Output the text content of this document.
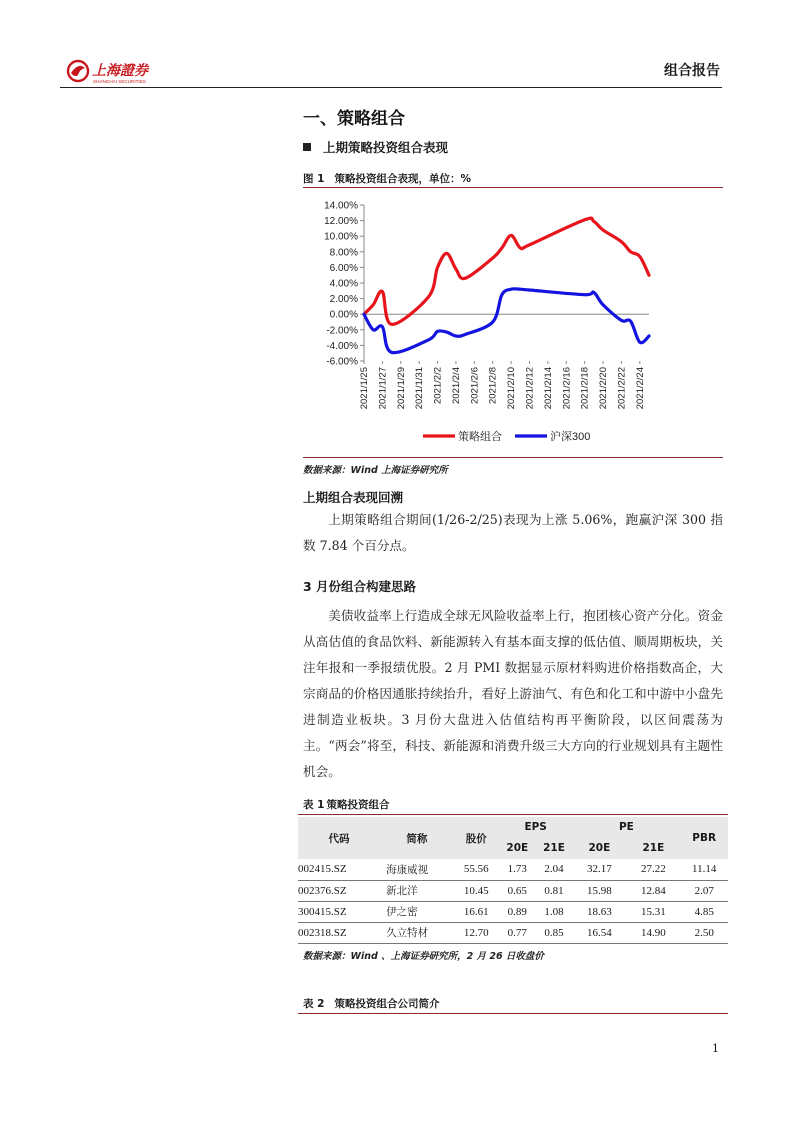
上海證券
SHANGHAI SECURITIES
组合报告
一、策略组合
上期策略投资组合表现
图 1 策略投资组合表现，单位：%
14.00%
12.00%
10.00%
8.00%
6.00%
4.00%
2.00%
0.00%
-2.00%
-4.00%
-6.00%
2021/1/25 2021/1/27 2021/1/29 2021/1/31 2021/2/2 2021/2/4 2021/2/6 2021/2/8 2021/2/10 2021/2/12 2021/2/14 2021/2/16 2021/2/18 2021/2/20 2021/2/22 2021/2/24
策略组合	沪深300
数据来源：Wind 上海证券研究所
上期组合表现回溯
上期策略组合期间(1/26-2/25)表现为上涨 5.06%，跑赢沪深 300 指数 7.84 个百分点。
3 月份组合构建思路
美债收益率上行造成全球无风险收益率上行，抱团核心资产分化。资金从高估值的食品饮料、新能源转入有基本面支撑的低估值、顺周期板块，关注年报和一季报绩优股。2 月 PMI 数据显示原材料购进价格指数高企，大宗商品的价格因通胀持续抬升，看好上游油气、有色和化工和中游中小盘先进制造业板块。3 月份大盘进入估值结构再平衡阶段，以区间震荡为主。“两会”将至，科技、新能源和消费升级三大方向的行业规划具有主题性机会。
表 1 策略投资组合
代码	简称	股价	EPS		PE		PBR
			20E	21E	20E	21E	
002415.SZ	海康威视	55.56	1.73	2.04	32.17	27.22	11.14
002376.SZ	新北洋	10.45	0.65	0.81	15.98	12.84	2.07
300415.SZ	伊之密	16.61	0.89	1.08	18.63	15.31	4.85
002318.SZ	久立特材	12.70	0.77	0.85	16.54	14.90	2.50
数据来源：Wind 、上海证券研究所，2 月 26 日收盘价
表 2 策略投资组合公司简介
1
